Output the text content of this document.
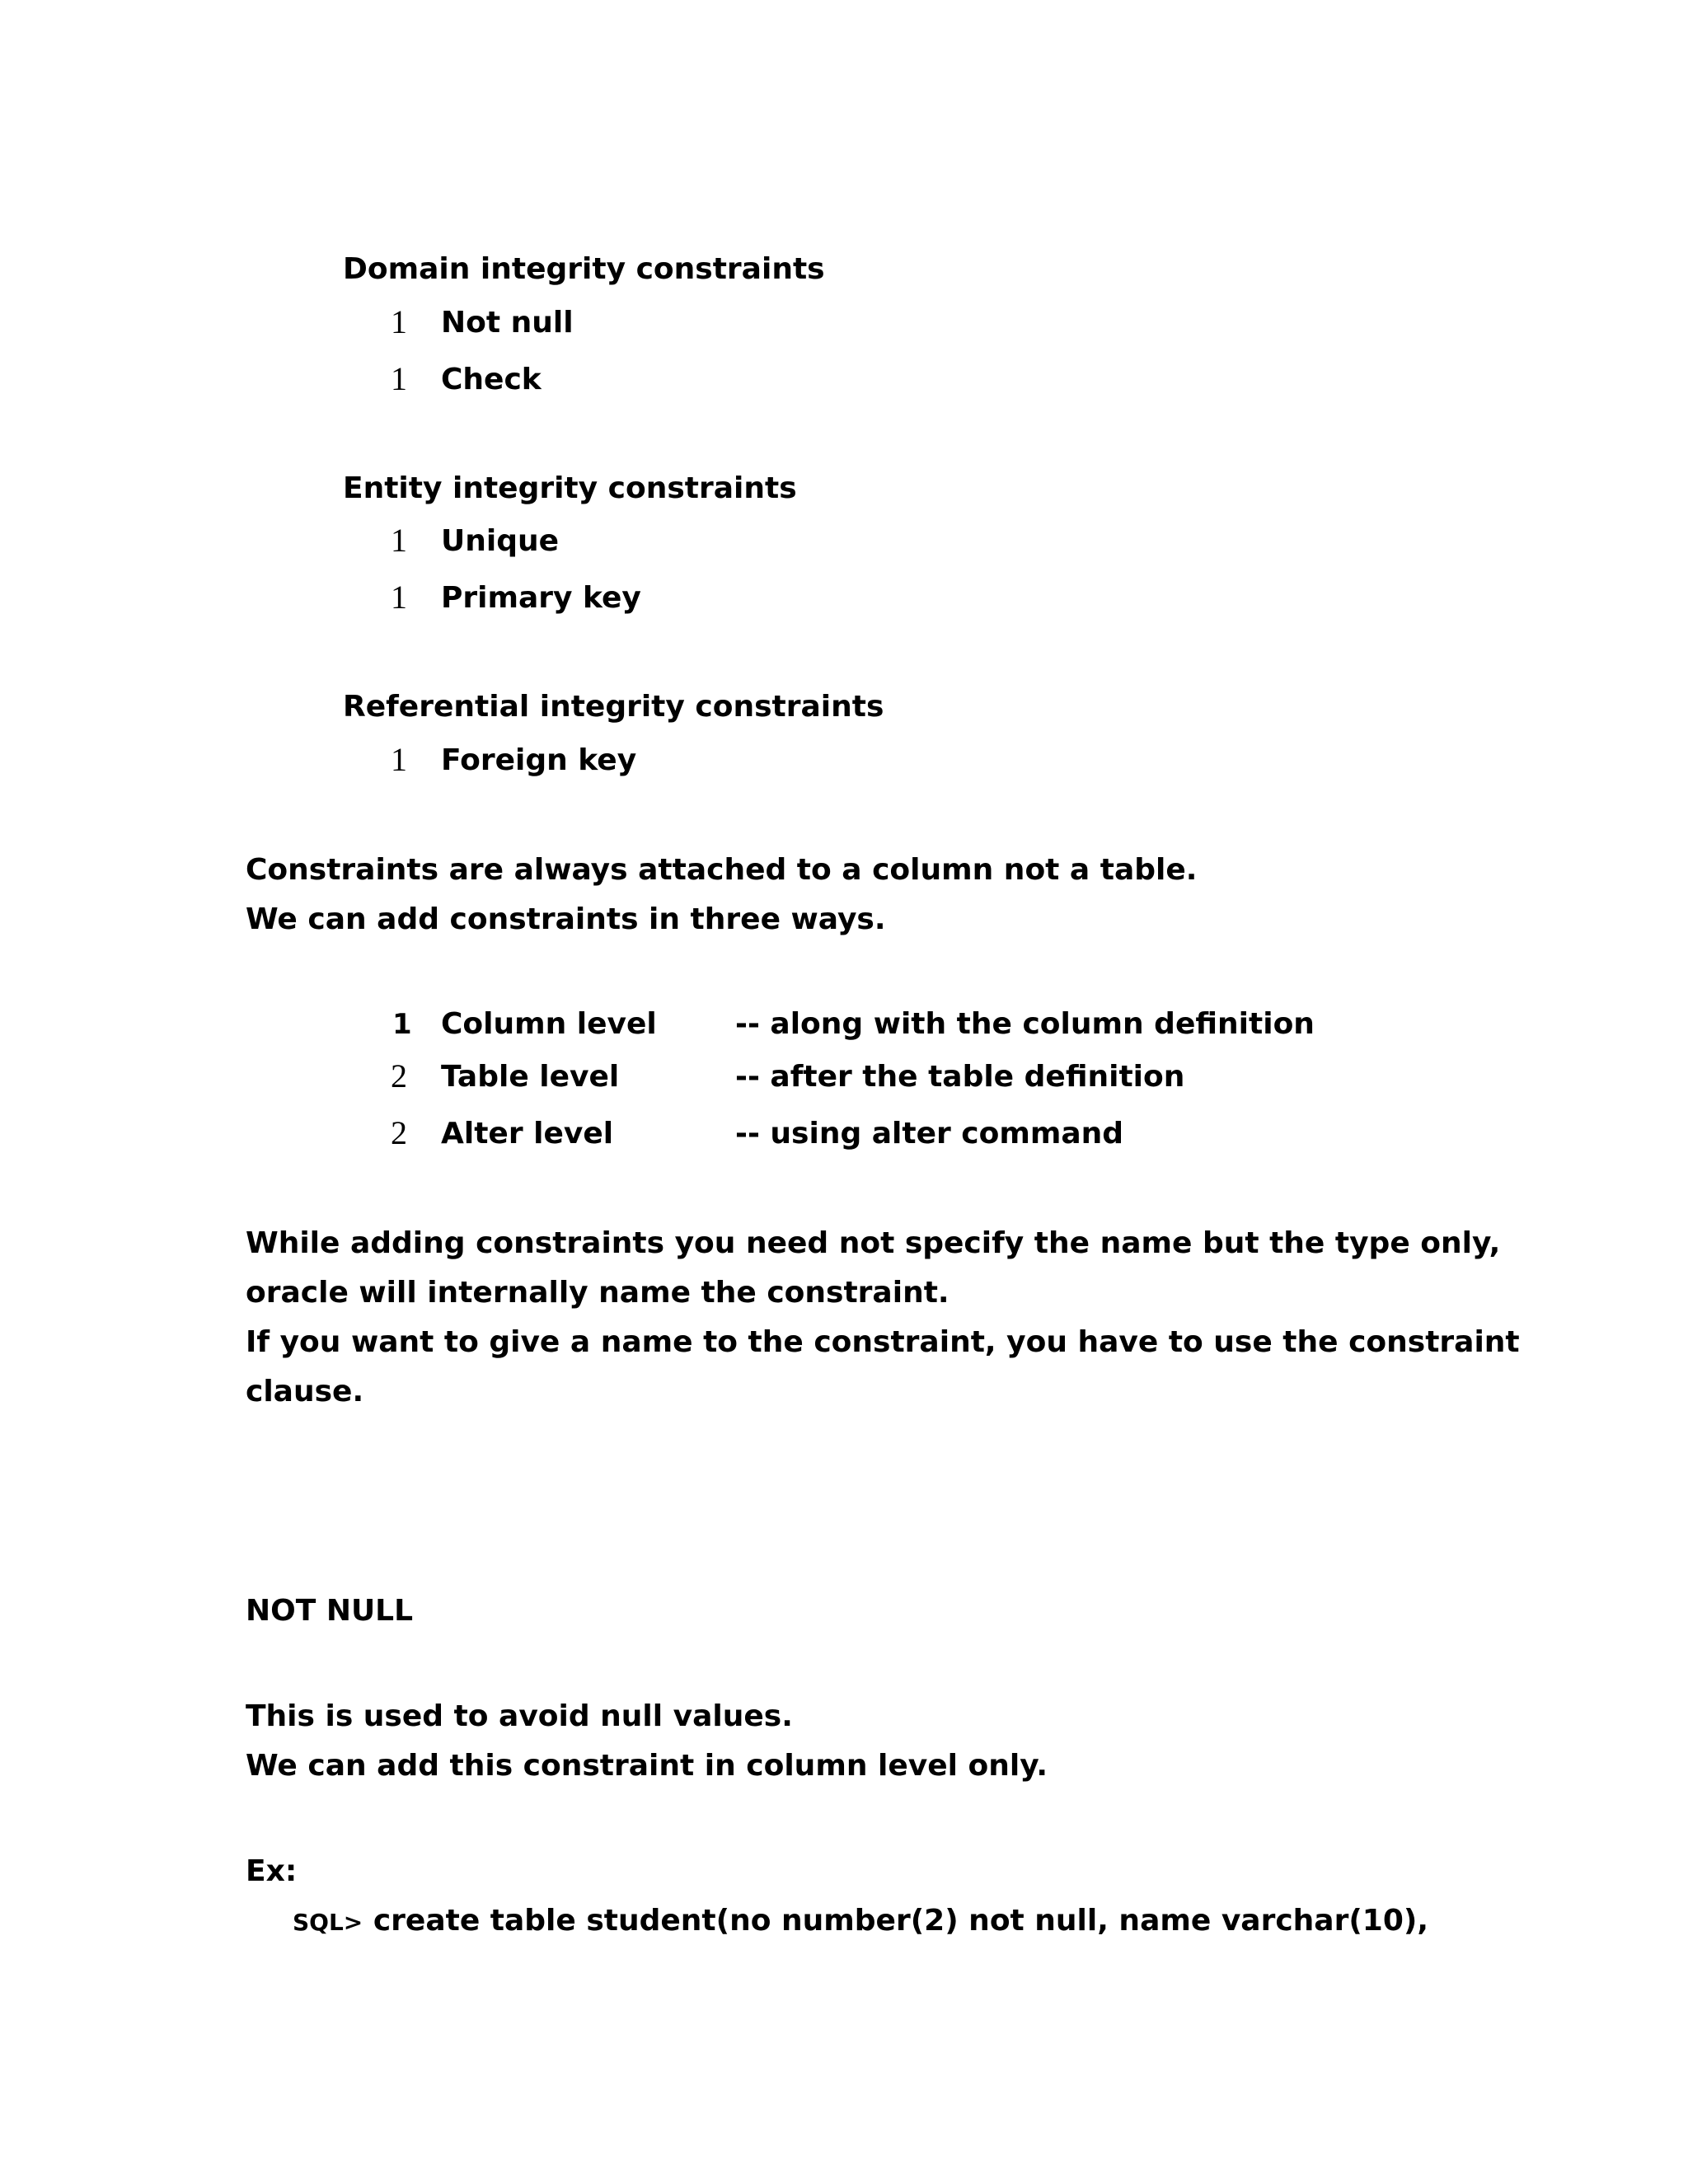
Domain integrity constraints
1 Not null
1 Check
Entity integrity constraints
1 Unique
1 Primary key
Referential integrity constraints
1 Foreign key
Constraints are always attached to a column not a table.
We can add constraints in three ways.
1 Column level	-- along with the column definition
2 Table level	-- after the table definition
2 Alter level	-- using alter command
While adding constraints you need not specify the name but the type only,
oracle will internally name the constraint.
If you want to give a name to the constraint, you have to use the constraint
clause.
NOT NULL
This is used to avoid null values.
We can add this constraint in column level only.
Ex:
SQL> create table student(no number(2) not null, name varchar(10),
